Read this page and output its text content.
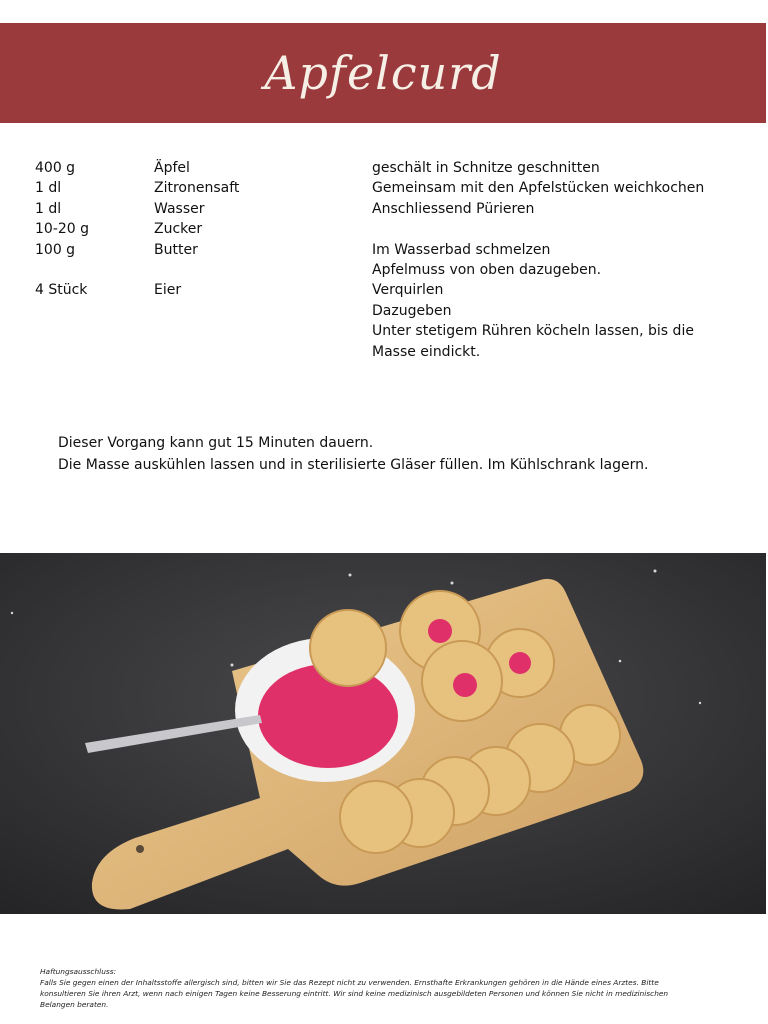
Apfelcurd
400 g	Äpfel	geschält in Schnitze geschnitten
1 dl	Zitronensaft	Gemeinsam mit den Apfelstücken weichkochen
1 dl	Wasser	Anschliessend Pürieren
10-20 g	Zucker
100 g	Butter	Im Wasserbad schmelzen
Apfelmuss von oben dazugeben.
4 Stück	Eier	Verquirlen
Dazugeben
Unter stetigem Rühren köcheln lassen, bis die
Masse eindickt.
Dieser Vorgang kann gut 15 Minuten dauern.
Die Masse auskühlen lassen und in sterilisierte Gläser füllen. Im Kühlschrank lagern.
Haftungsausschluss:
Falls Sie gegen einen der Inhaltsstoffe allergisch sind, bitten wir Sie das Rezept nicht zu verwenden. Ernsthafte Erkrankungen gehören in die Hände eines Arztes. Bitte
konsultieren Sie ihren Arzt, wenn nach einigen Tagen keine Besserung eintritt. Wir sind keine medizinisch ausgebildeten Personen und können Sie nicht in medizinischen
Belangen beraten.
